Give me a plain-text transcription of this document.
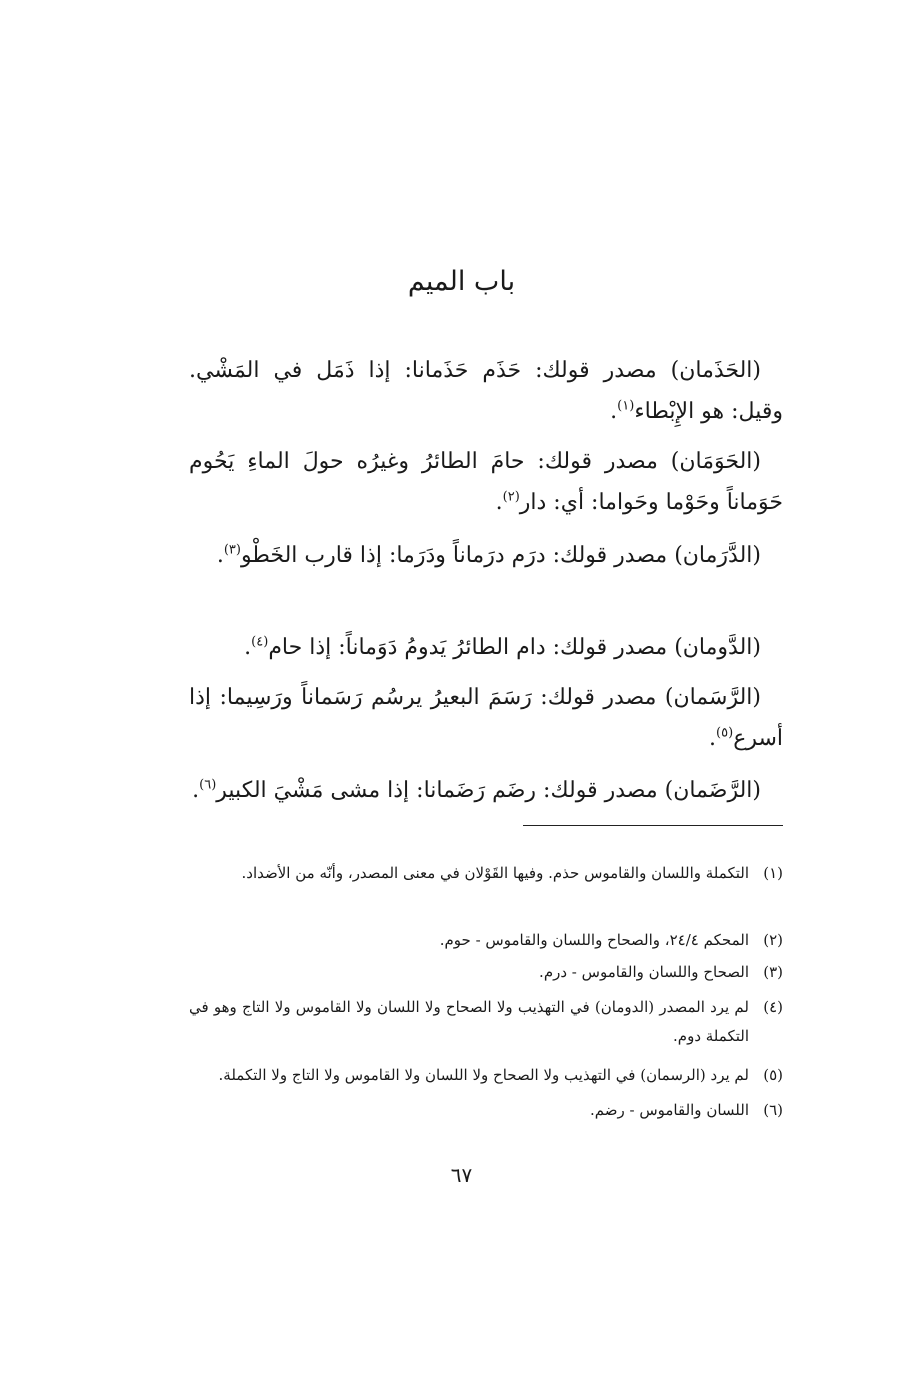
باب الميم
(الحَذَمان) مصدر قولك: حَذَم حَذَمانا: إذا ذَمَل في المَشْي. وقيل: هو الإِبْطاء$^{(١)}$.
(الحَوَمَان) مصدر قولك: حامَ الطائرُ وغيرُه حولَ الماءِ يَحُوم حَوَماناً وحَوْما وحَواما: أي: دار$^{(٢)}$.
(الدَّرَمان) مصدر قولك: درَم درَماناً ودَرَما: إذا قارب الخَطْو$^{(٣)}$.
(الدَّومان) مصدر قولك: دام الطائرُ يَدومُ دَوَماناً: إذا حام$^{(٤)}$.
(الرَّسَمان) مصدر قولك: رَسَمَ البعيرُ يرسُم رَسَماناً ورَسِيما: إذا أسرع$^{(٥)}$.
(الرَّضَمان) مصدر قولك: رضَم رَضَمانا: إذا مشى مَشْيَ الكبير$^{(٦)}$.
(١)
التكملة واللسان والقاموس حذم. وفيها القَوْلان في معنى المصدر، وأنّه من الأضداد.
(٢)
المحكم ٢٤/٤، والصحاح واللسان والقاموس - حوم.
(٣)
الصحاح واللسان والقاموس - درم.
(٤)
لم يرد المصدر (الدومان) في التهذيب ولا الصحاح ولا اللسان ولا القاموس ولا التاج وهو في التكملة دوم.
(٥)
لم يرد (الرسمان) في التهذيب ولا الصحاح ولا اللسان ولا القاموس ولا التاج ولا التكملة.
(٦)
اللسان والقاموس - رضم.
٦٧
